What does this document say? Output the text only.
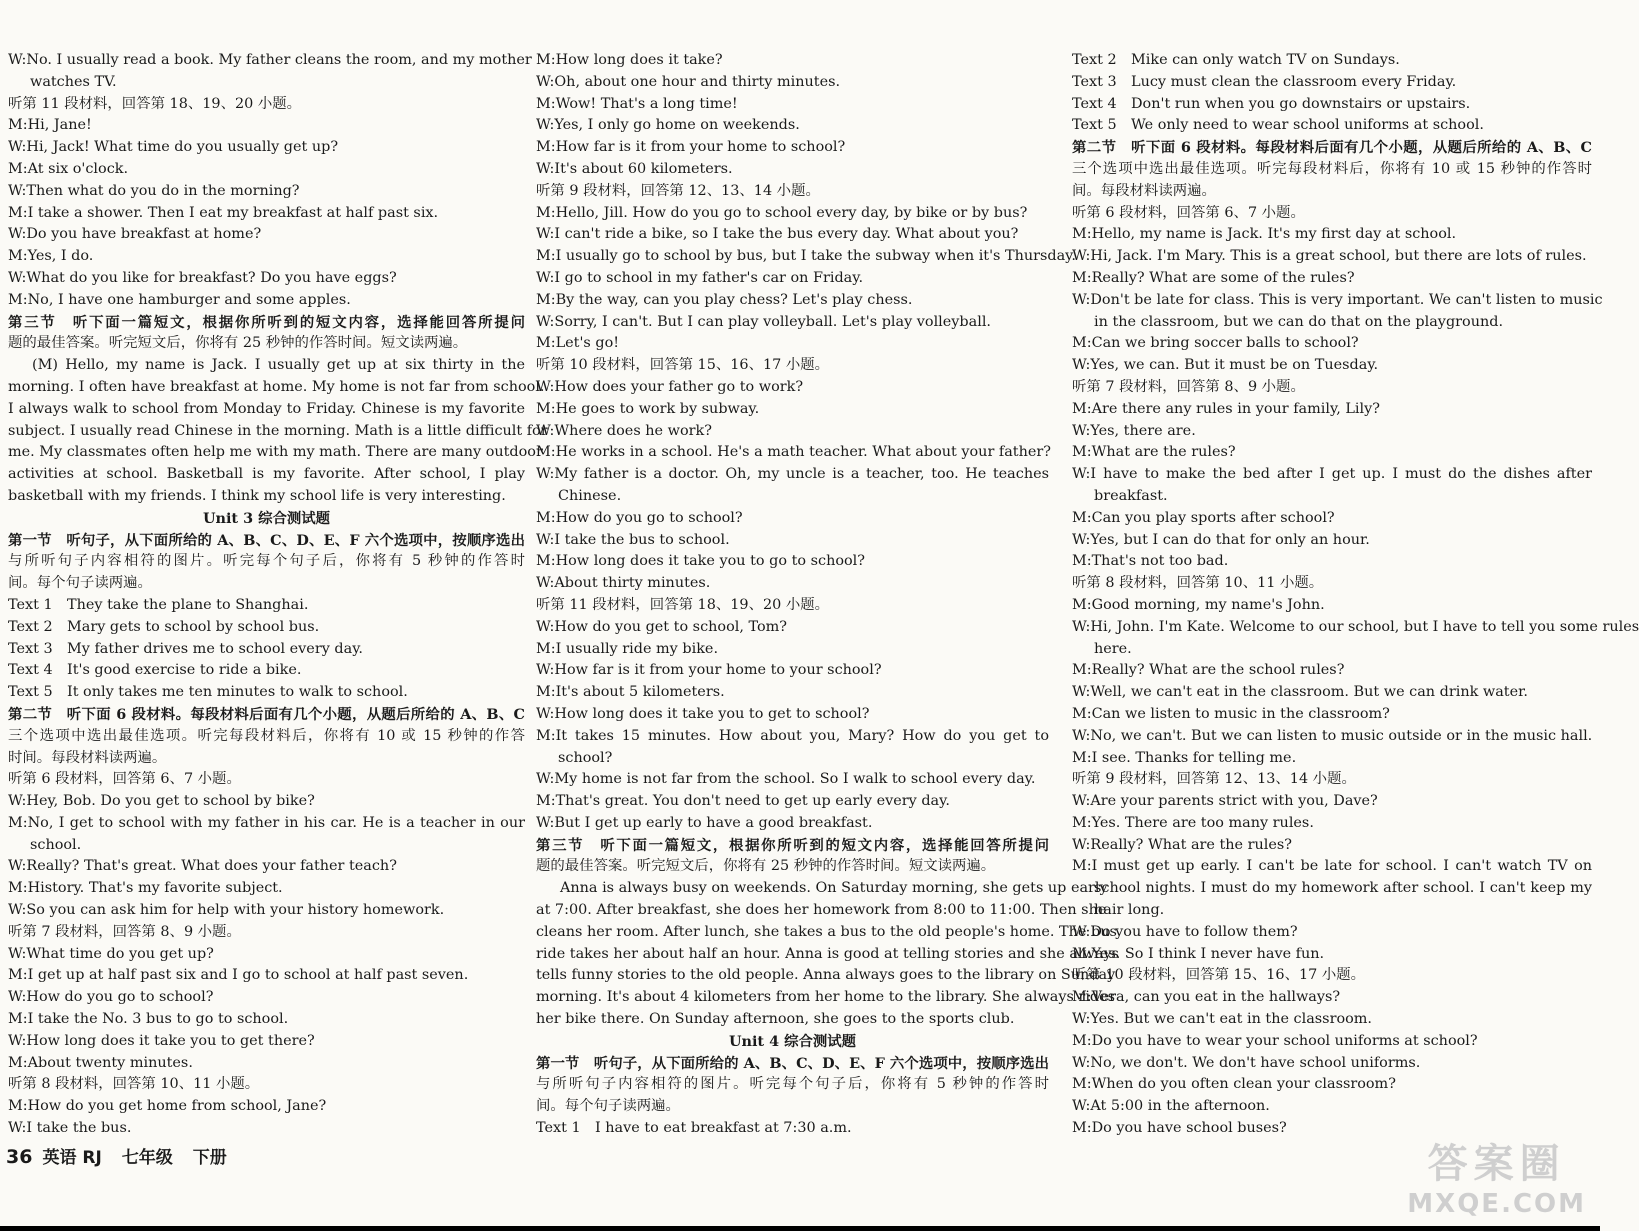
W:No. I usually read a book. My father cleans the room, and my mother
watches TV.
听第 11 段材料，回答第 18、19、20 小题。
M:Hi, Jane!
W:Hi, Jack! What time do you usually get up?
M:At six o'clock.
W:Then what do you do in the morning?
M:I take a shower. Then I eat my breakfast at half past six.
W:Do you have breakfast at home?
M:Yes, I do.
W:What do you like for breakfast? Do you have eggs?
M:No, I have one hamburger and some apples.
第三节　听下面一篇短文，根据你所听到的短文内容，选择能回答所提问
题的最佳答案。听完短文后，你将有 25 秒钟的作答时间。短文读两遍。
(M) Hello, my name is Jack. I usually get up at six thirty in the
morning. I often have breakfast at home. My home is not far from school.
I always walk to school from Monday to Friday. Chinese is my favorite
subject. I usually read Chinese in the morning. Math is a little difficult for
me. My classmates often help me with my math. There are many outdoor
activities at school. Basketball is my favorite. After school, I play
basketball with my friends. I think my school life is very interesting.
Unit 3 综合测试题
第一节　听句子，从下面所给的 A、B、C、D、E、F 六个选项中，按顺序选出
与所听句子内容相符的图片。听完每个句子后，你将有 5 秒钟的作答时
间。每个句子读两遍。
Text 1　They take the plane to Shanghai.
Text 2　Mary gets to school by school bus.
Text 3　My father drives me to school every day.
Text 4　It's good exercise to ride a bike.
Text 5　It only takes me ten minutes to walk to school.
第二节　听下面 6 段材料。每段材料后面有几个小题，从题后所给的 A、B、C
三个选项中选出最佳选项。听完每段材料后，你将有 10 或 15 秒钟的作答
时间。每段材料读两遍。
听第 6 段材料，回答第 6、7 小题。
W:Hey, Bob. Do you get to school by bike?
M:No, I get to school with my father in his car. He is a teacher in our
school.
W:Really? That's great. What does your father teach?
M:History. That's my favorite subject.
W:So you can ask him for help with your history homework.
听第 7 段材料，回答第 8、9 小题。
W:What time do you get up?
M:I get up at half past six and I go to school at half past seven.
W:How do you go to school?
M:I take the No. 3 bus to go to school.
W:How long does it take you to get there?
M:About twenty minutes.
听第 8 段材料，回答第 10、11 小题。
M:How do you get home from school, Jane?
W:I take the bus.
M:How long does it take?
W:Oh, about one hour and thirty minutes.
M:Wow! That's a long time!
W:Yes, I only go home on weekends.
M:How far is it from your home to school?
W:It's about 60 kilometers.
听第 9 段材料，回答第 12、13、14 小题。
M:Hello, Jill. How do you go to school every day, by bike or by bus?
W:I can't ride a bike, so I take the bus every day. What about you?
M:I usually go to school by bus, but I take the subway when it's Thursday.
W:I go to school in my father's car on Friday.
M:By the way, can you play chess? Let's play chess.
W:Sorry, I can't. But I can play volleyball. Let's play volleyball.
M:Let's go!
听第 10 段材料，回答第 15、16、17 小题。
W:How does your father go to work?
M:He goes to work by subway.
W:Where does he work?
M:He works in a school. He's a math teacher. What about your father?
W:My father is a doctor. Oh, my uncle is a teacher, too. He teaches
Chinese.
M:How do you go to school?
W:I take the bus to school.
M:How long does it take you to go to school?
W:About thirty minutes.
听第 11 段材料，回答第 18、19、20 小题。
W:How do you get to school, Tom?
M:I usually ride my bike.
W:How far is it from your home to your school?
M:It's about 5 kilometers.
W:How long does it take you to get to school?
M:It takes 15 minutes. How about you, Mary? How do you get to
school?
W:My home is not far from the school. So I walk to school every day.
M:That's great. You don't need to get up early every day.
W:But I get up early to have a good breakfast.
第三节　听下面一篇短文，根据你所听到的短文内容，选择能回答所提问
题的最佳答案。听完短文后，你将有 25 秒钟的作答时间。短文读两遍。
Anna is always busy on weekends. On Saturday morning, she gets up early
at 7:00. After breakfast, she does her homework from 8:00 to 11:00. Then she
cleans her room. After lunch, she takes a bus to the old people's home. The bus
ride takes her about half an hour. Anna is good at telling stories and she always
tells funny stories to the old people. Anna always goes to the library on Sunday
morning. It's about 4 kilometers from her home to the library. She always rides
her bike there. On Sunday afternoon, she goes to the sports club.
Unit 4 综合测试题
第一节　听句子，从下面所给的 A、B、C、D、E、F 六个选项中，按顺序选出
与所听句子内容相符的图片。听完每个句子后，你将有 5 秒钟的作答时
间。每个句子读两遍。
Text 1　I have to eat breakfast at 7:30 a.m.
Text 2　Mike can only watch TV on Sundays.
Text 3　Lucy must clean the classroom every Friday.
Text 4　Don't run when you go downstairs or upstairs.
Text 5　We only need to wear school uniforms at school.
第二节　听下面 6 段材料。每段材料后面有几个小题，从题后所给的 A、B、C
三个选项中选出最佳选项。听完每段材料后，你将有 10 或 15 秒钟的作答时
间。每段材料读两遍。
听第 6 段材料，回答第 6、7 小题。
M:Hello, my name is Jack. It's my first day at school.
W:Hi, Jack. I'm Mary. This is a great school, but there are lots of rules.
M:Really? What are some of the rules?
W:Don't be late for class. This is very important. We can't listen to music
in the classroom, but we can do that on the playground.
M:Can we bring soccer balls to school?
W:Yes, we can. But it must be on Tuesday.
听第 7 段材料，回答第 8、9 小题。
M:Are there any rules in your family, Lily?
W:Yes, there are.
M:What are the rules?
W:I have to make the bed after I get up. I must do the dishes after
breakfast.
M:Can you play sports after school?
W:Yes, but I can do that for only an hour.
M:That's not too bad.
听第 8 段材料，回答第 10、11 小题。
M:Good morning, my name's John.
W:Hi, John. I'm Kate. Welcome to our school, but I have to tell you some rules
here.
M:Really? What are the school rules?
W:Well, we can't eat in the classroom. But we can drink water.
M:Can we listen to music in the classroom?
W:No, we can't. But we can listen to music outside or in the music hall.
M:I see. Thanks for telling me.
听第 9 段材料，回答第 12、13、14 小题。
W:Are your parents strict with you, Dave?
M:Yes. There are too many rules.
W:Really? What are the rules?
M:I must get up early. I can't be late for school. I can't watch TV on
school nights. I must do my homework after school. I can't keep my
hair long.
W:Do you have to follow them?
M:Yes. So I think I never have fun.
听第 10 段材料，回答第 15、16、17 小题。
M:Vera, can you eat in the hallways?
W:Yes. But we can't eat in the classroom.
M:Do you have to wear your school uniforms at school?
W:No, we don't. We don't have school uniforms.
M:When do you often clean your classroom?
W:At 5:00 in the afternoon.
M:Do you have school buses?
36 英语 RJ 七年级 下册	答案圈
MXQE.COM
